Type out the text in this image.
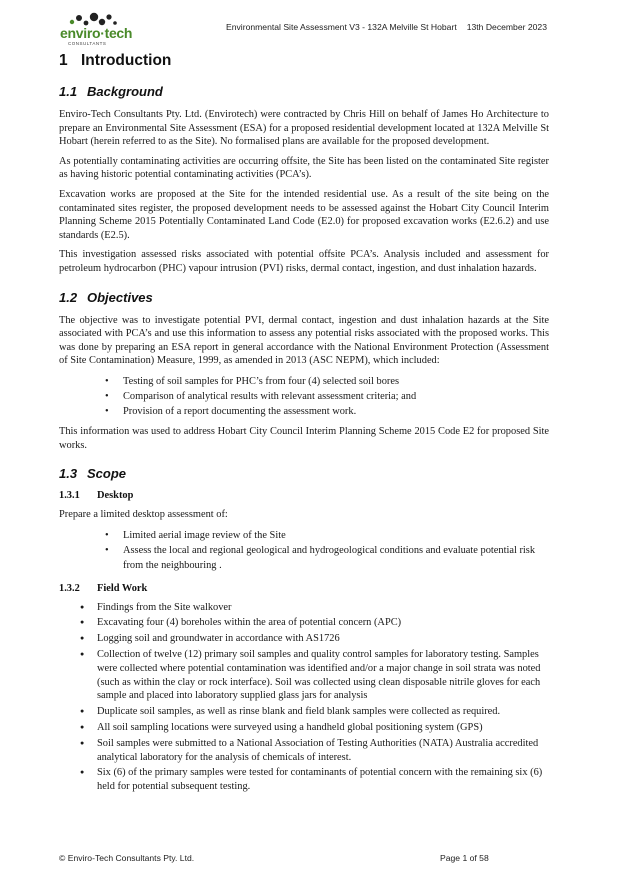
enviro·tech
CONSULTANTS
Environmental Site Assessment V3 - 132A Melville St Hobart 13th December 2023
1 Introduction
1.1 Background

Enviro-Tech Consultants Pty. Ltd. (Envirotech) were contracted by Chris Hill on behalf of James Ho Architecture to prepare an Environmental Site Assessment (ESA) for a proposed residential development located at 132A Melville St Hobart (herein referred to as the Site). No formalised plans are available for the proposed development.

As potentially contaminating activities are occurring offsite, the Site has been listed on the contaminated Site register as having historic potential contaminating activities (PCA’s).

Excavation works are proposed at the Site for the intended residential use. As a result of the site being on the contaminated sites register, the proposed development needs to be assessed against the Hobart City Council Interim Planning Scheme 2015 Potentially Contaminated Land Code (E2.0) for proposed excavation works (E2.6.2) and use standards (E2.5).

This investigation assessed risks associated with potential offsite PCA’s. Analysis included and assessment for petroleum hydrocarbon (PHC) vapour intrusion (PVI) risks, dermal contact, ingestion, and dust inhalation hazards.

1.2 Objectives

The objective was to investigate potential PVI, dermal contact, ingestion and dust inhalation hazards at the Site associated with PCA’s and use this information to assess any potential risks associated with the proposed works. This was done by preparing an ESA report in general accordance with the National Environment Protection (Assessment of Site Contamination) Measure, 1999, as amended in 2013 (ASC NEPM), which included:

• Testing of soil samples for PHC’s from four (4) selected soil bores
• Comparison of analytical results with relevant assessment criteria; and
• Provision of a report documenting the assessment work.

This information was used to address Hobart City Council Interim Planning Scheme 2015 Code E2 for proposed Site works.

1.3 Scope
1.3.1 Desktop

Prepare a limited desktop assessment of:

• Limited aerial image review of the Site
• Assess the local and regional geological and hydrogeological conditions and evaluate potential risk from the neighbouring .
1.3.2 Field Work
● Findings from the Site walkover
● Excavating four (4) boreholes within the area of potential concern (APC)
● Logging soil and groundwater in accordance with AS1726
● Collection of twelve (12) primary soil samples and quality control samples for laboratory testing. Samples were collected where potential contamination was identified and/or a major change in soil strata was noted (such as within the clay or rock interface). Soil was collected using clean disposable nitrile gloves for each sample and placed into laboratory supplied glass jars for analysis
● Duplicate soil samples, as well as rinse blank and field blank samples were collected as required.
● All soil sampling locations were surveyed using a handheld global positioning system (GPS)
● Soil samples were submitted to a National Association of Testing Authorities (NATA) Australia accredited analytical laboratory for the analysis of chemicals of interest.
● Six (6) of the primary samples were tested for contaminants of potential concern with the remaining six (6) held for potential subsequent testing.
© Enviro-Tech Consultants Pty. Ltd.	Page 1 of 58
